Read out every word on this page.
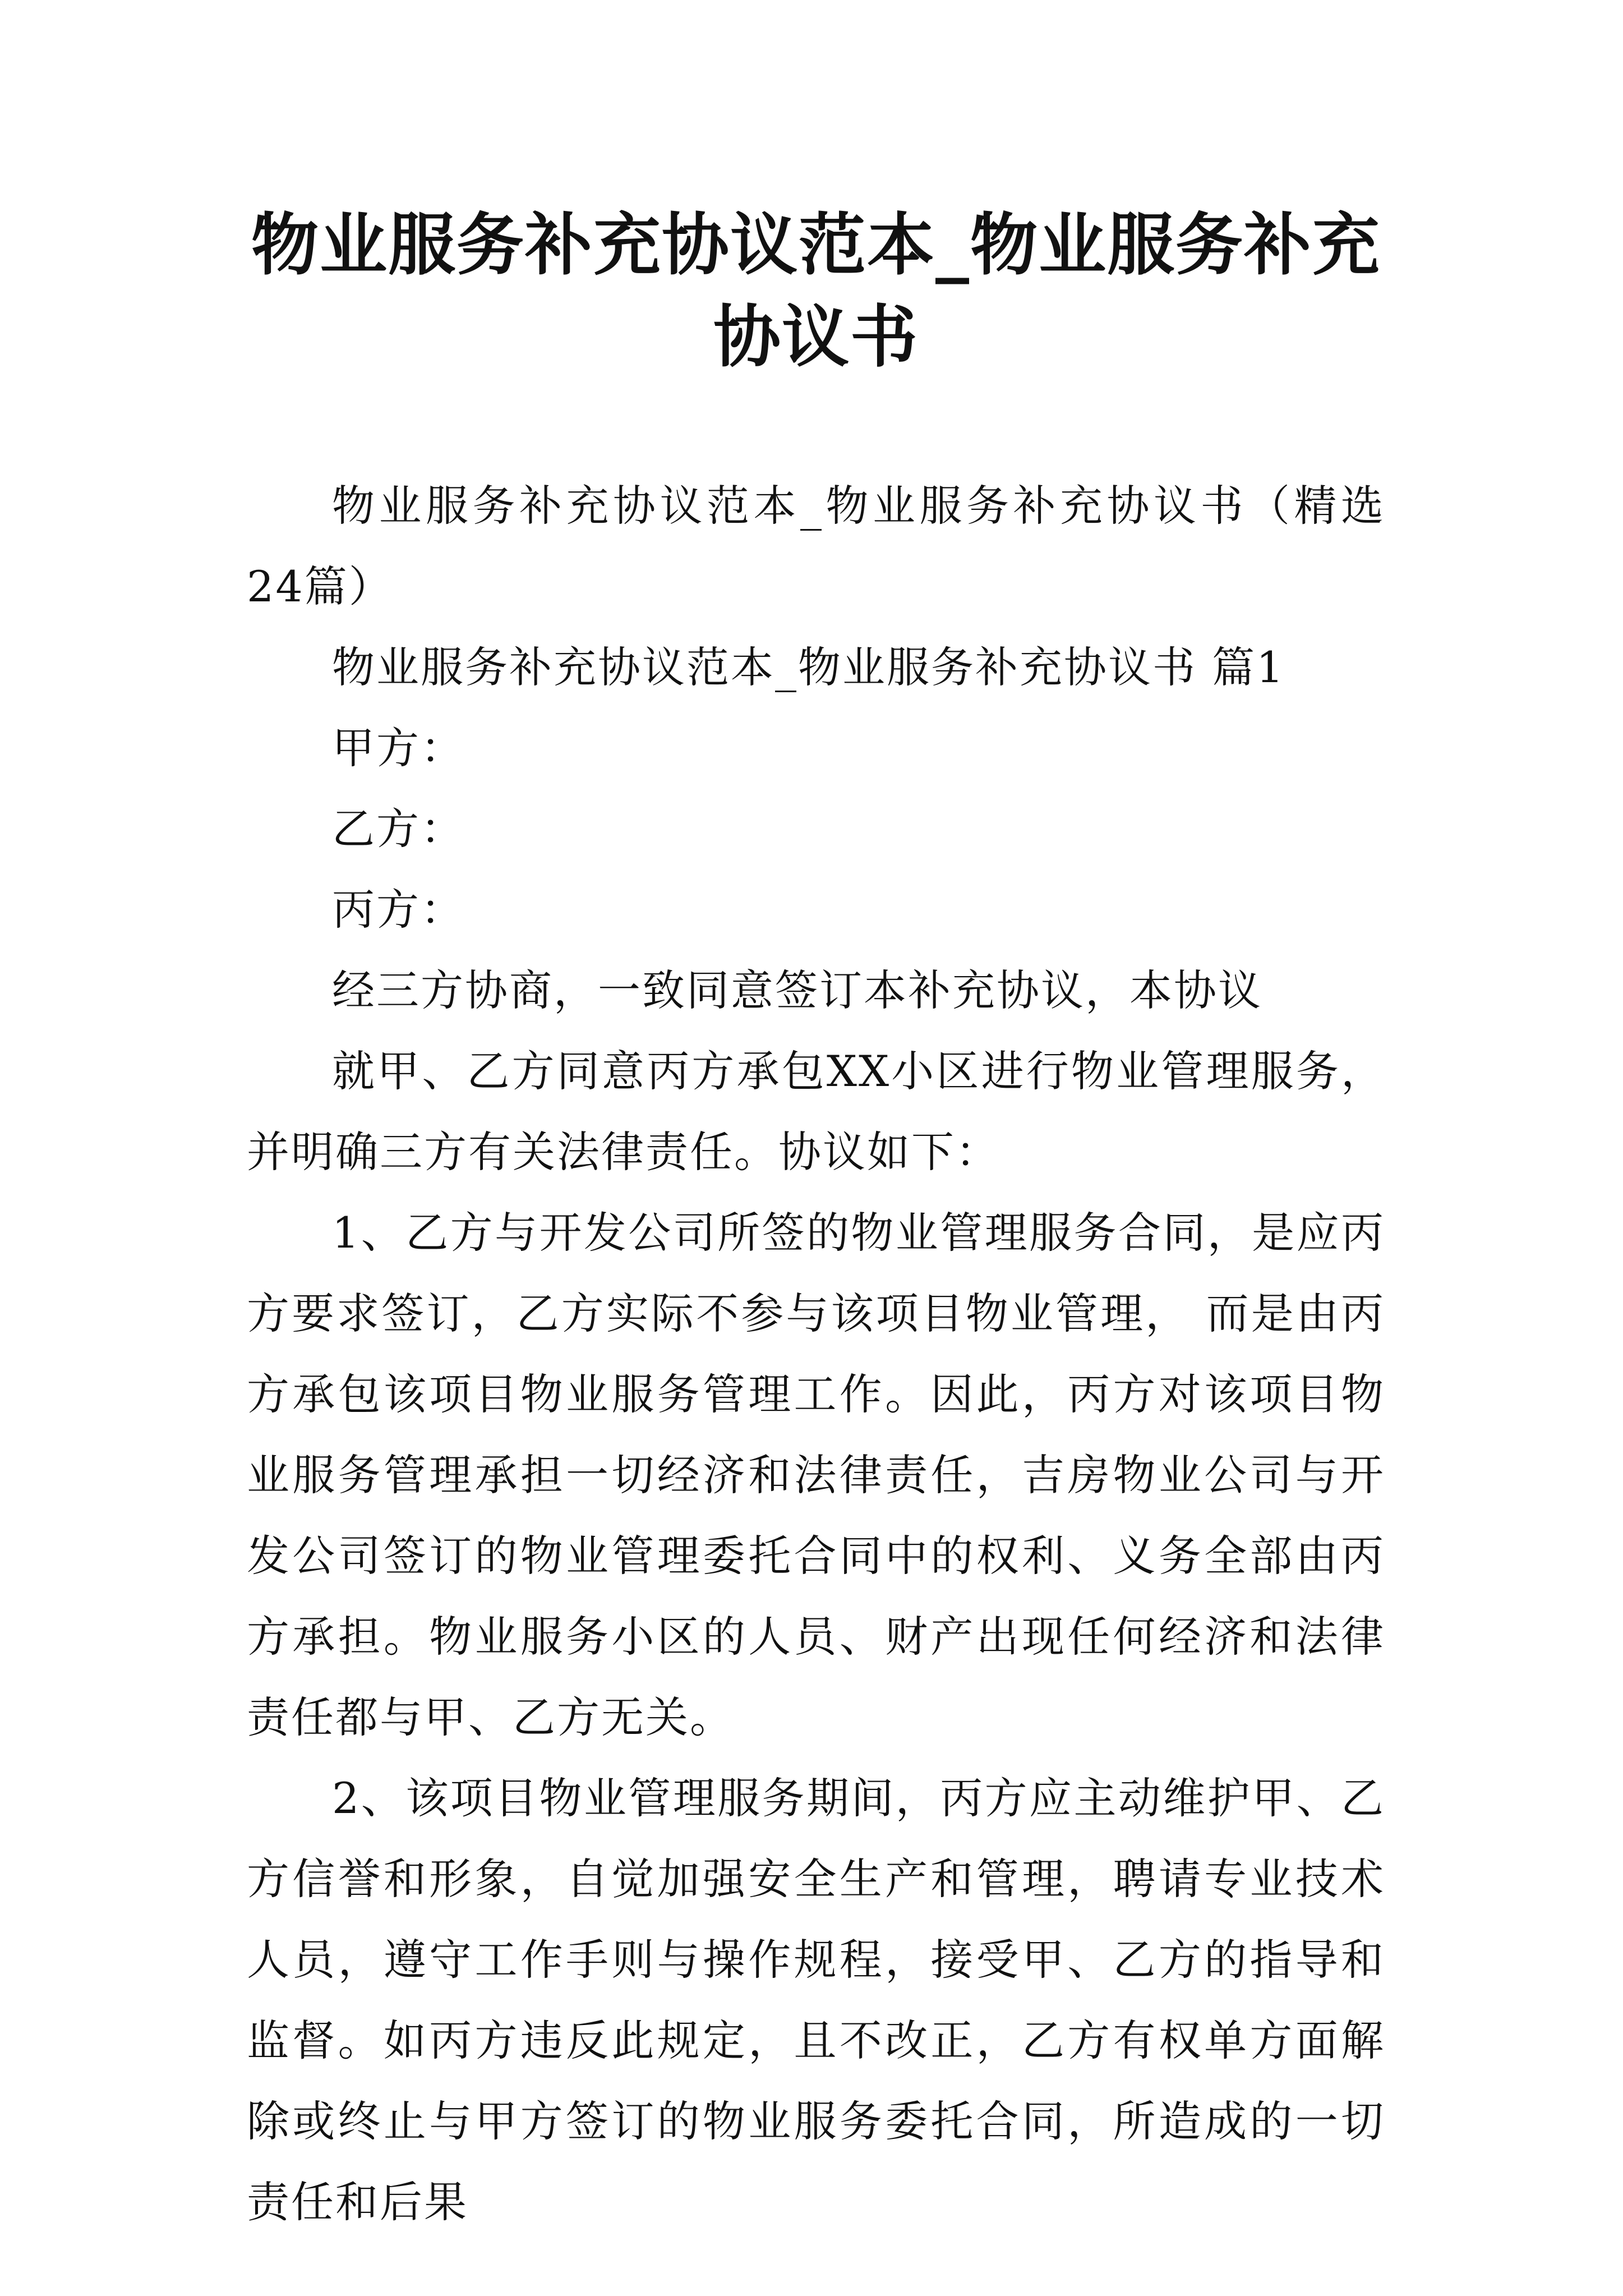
物业服务补充协议范本_物业服务补充协议书

物业服务补充协议范本_物业服务补充协议书（精选24篇）

物业服务补充协议范本_物业服务补充协议书 篇1

甲方：

乙方：

丙方：

经三方协商，一致同意签订本补充协议，本协议

就甲、乙方同意丙方承包XX小区进行物业管理服务，并明确三方有关法律责任。协议如下：

1、乙方与开发公司所签的物业管理服务合同，是应丙方要求签订，乙方实际不参与该项目物业管理， 而是由丙方承包该项目物业服务管理工作。因此，丙方对该项目物业服务管理承担一切经济和法律责任，吉房物业公司与开发公司签订的物业管理委托合同中的权利、义务全部由丙方承担。物业服务小区的人员、财产出现任何经济和法律责任都与甲、乙方无关。

2、该项目物业管理服务期间，丙方应主动维护甲、乙方信誉和形象，自觉加强安全生产和管理，聘请专业技术人员，遵守工作手则与操作规程，接受甲、乙方的指导和监督。如丙方违反此规定，且不改正，乙方有权单方面解除或终止与甲方签订的物业服务委托合同，所造成的一切责任和后果
